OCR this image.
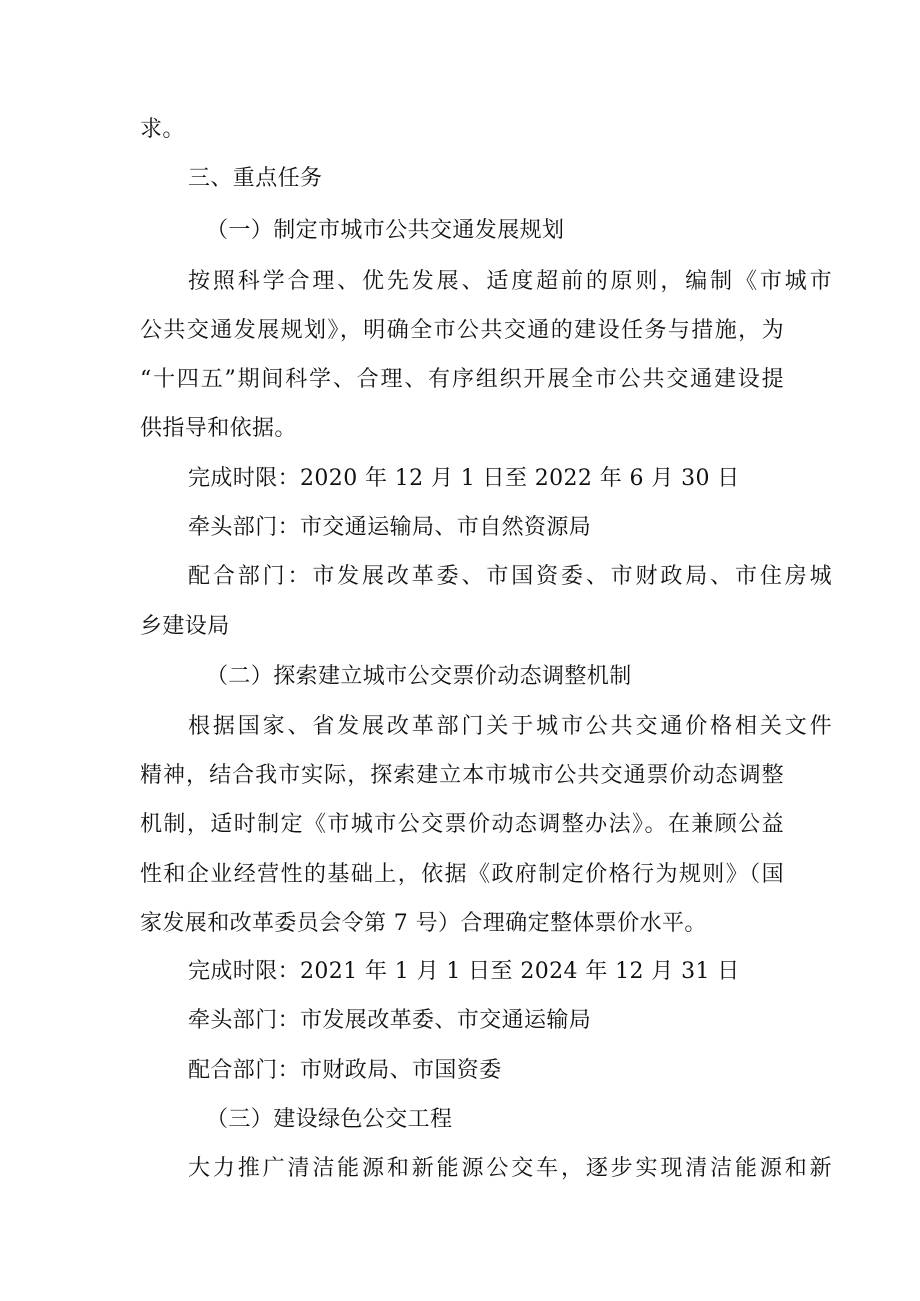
求。
三、重点任务
（一）制定市城市公共交通发展规划
按照科学合理、优先发展、适度超前的原则，编制《市城市
公共交通发展规划》，明确全市公共交通的建设任务与措施，为
“十四五”期间科学、合理、有序组织开展全市公共交通建设提
供指导和依据。
完成时限：2020 年 12 月 1 日至 2022 年 6 月 30 日
牵头部门：市交通运输局、市自然资源局
配合部门：市发展改革委、市国资委、市财政局、市住房城
乡建设局
（二）探索建立城市公交票价动态调整机制
根据国家、省发展改革部门关于城市公共交通价格相关文件
精神，结合我市实际，探索建立本市城市公共交通票价动态调整
机制，适时制定《市城市公交票价动态调整办法》。在兼顾公益
性和企业经营性的基础上，依据《政府制定价格行为规则》（国
家发展和改革委员会令第 7 号）合理确定整体票价水平。
完成时限：2021 年 1 月 1 日至 2024 年 12 月 31 日
牵头部门：市发展改革委、市交通运输局
配合部门：市财政局、市国资委
（三）建设绿色公交工程
大力推广清洁能源和新能源公交车，逐步实现清洁能源和新
